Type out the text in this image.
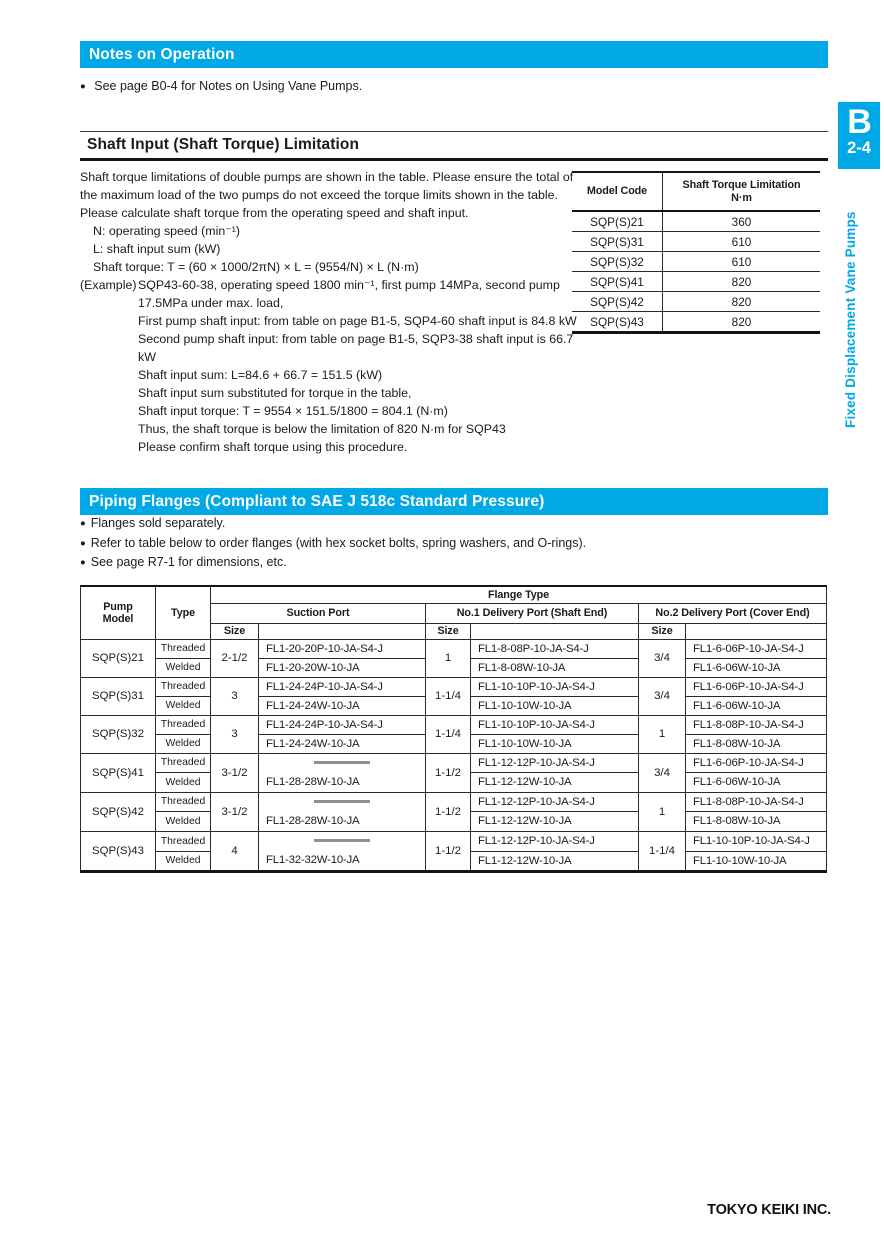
Notes on Operation
● See page B0-4 for Notes on Using Vane Pumps.
Shaft Input (Shaft Torque) Limitation
Shaft torque limitations of double pumps are shown in the table. Please ensure the total of the maximum load of the two pumps do not exceed the torque limits shown in the table. Please calculate shaft torque from the operating speed and shaft input.
N: operating speed (min⁻¹)
L: shaft input sum (kW)
Shaft torque: T = (60 × 1000/2πN) × L = (9554/N) × L (N·m)
(Example) SQP43-60-38, operating speed 1800 min⁻¹, first pump 14MPa, second pump 17.5MPa under max. load,
First pump shaft input: from table on page B1-5, SQP4-60 shaft input is 84.8 kW
Second pump shaft input: from table on page B1-5, SQP3-38 shaft input is 66.7 kW
Shaft input sum: L=84.6 + 66.7 = 151.5 (kW)
Shaft input sum substituted for torque in the table,
Shaft input torque: T = 9554 × 151.5/1800 = 804.1 (N·m)
Thus, the shaft torque is below the limitation of 820 N·m for SQP43
Please confirm shaft torque using this procedure.
Model Code	Shaft Torque Limitation
N·m

SQP(S)21	360
SQP(S)31	610
SQP(S)32	610
SQP(S)41	820
SQP(S)42	820
SQP(S)43	820
Piping Flanges (Compliant to SAE J 518c Standard Pressure)
● Flanges sold separately.
● Refer to table below to order flanges (with hex socket bolts, spring washers, and O-rings).
● See page R7-1 for dimensions, etc.
Pump
Model	Type	Flange Type					
		Suction Port		No.1 Delivery Port (Shaft End)		No.2 Delivery Port (Cover End)	
		Size		Size		Size	
SQP(S)21	Threaded	2-1/2	FL1-20-20P-10-JA-S4-J	1	FL1-8-08P-10-JA-S4-J	3/4	FL1-6-06P-10-JA-S4-J
	Welded		FL1-20-20W-10-JA		FL1-8-08W-10-JA		FL1-6-06W-10-JA
SQP(S)31	Threaded	3	FL1-24-24P-10-JA-S4-J	1-1/4	FL1-10-10P-10-JA-S4-J	3/4	FL1-6-06P-10-JA-S4-J
	Welded		FL1-24-24W-10-JA		FL1-10-10W-10-JA		FL1-6-06W-10-JA
SQP(S)32	Threaded	3	FL1-24-24P-10-JA-S4-J	1-1/4	FL1-10-10P-10-JA-S4-J	1	FL1-8-08P-10-JA-S4-J
	Welded		FL1-24-24W-10-JA		FL1-10-10W-10-JA		FL1-8-08W-10-JA
SQP(S)41	Threaded	3-1/2	FL1-28-28W-10-JA	1-1/2	FL1-12-12P-10-JA-S4-J	3/4	FL1-6-06P-10-JA-S4-J
	Welded				FL1-12-12W-10-JA		FL1-6-06W-10-JA
SQP(S)42	Threaded	3-1/2	FL1-28-28W-10-JA	1-1/2	FL1-12-12P-10-JA-S4-J	1	FL1-8-08P-10-JA-S4-J
	Welded				FL1-12-12W-10-JA		FL1-8-08W-10-JA
SQP(S)43	Threaded	4	FL1-32-32W-10-JA	1-1/2	FL1-12-12P-10-JA-S4-J	1-1/4	FL1-10-10P-10-JA-S4-J
	Welded				FL1-12-12W-10-JA		FL1-10-10W-10-JA
B
2-4
Fixed Displacement Vane Pumps
TOKYO KEIKI INC.
